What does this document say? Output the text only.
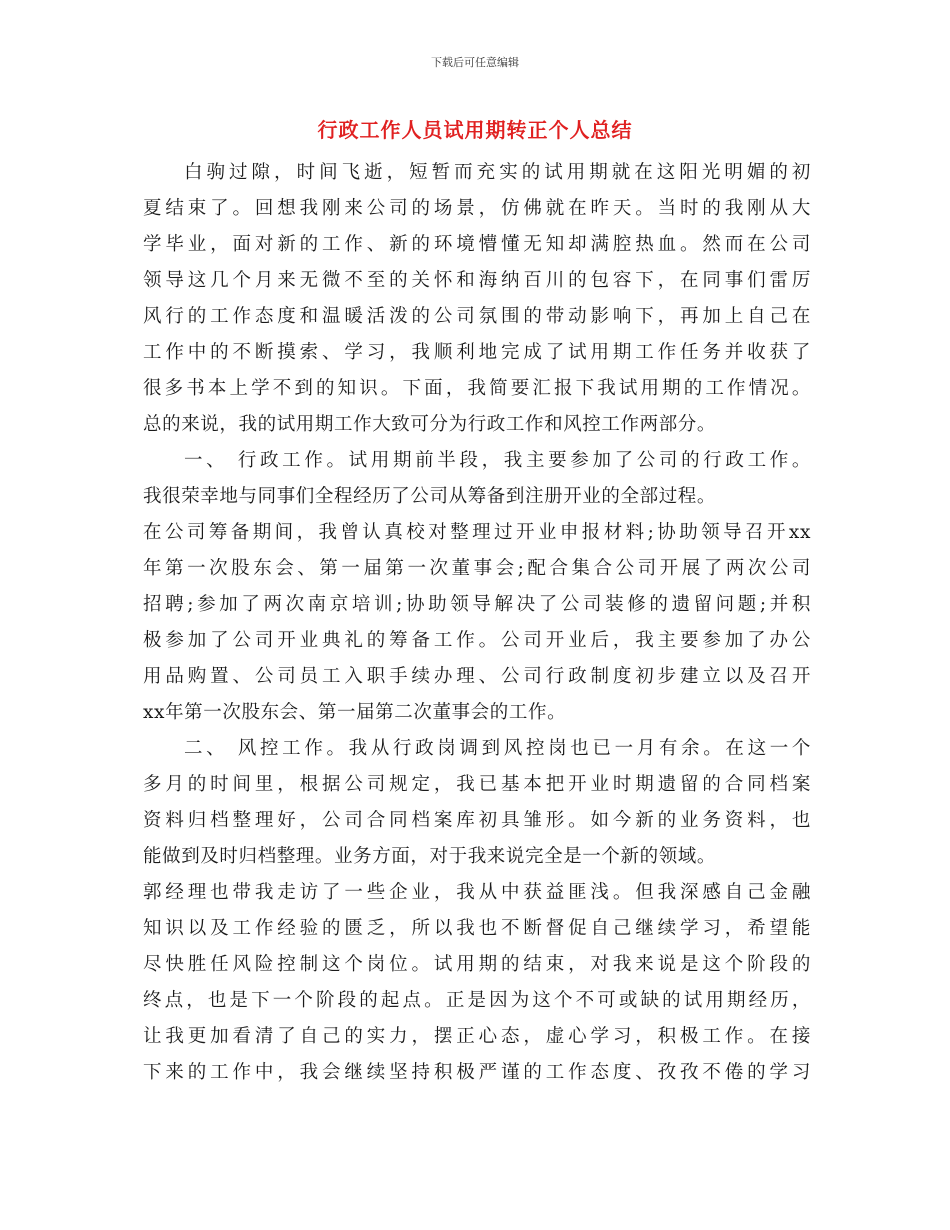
下载后可任意编辑
行政工作人员试用期转正个人总结
白驹过隙，时间飞逝，短暂而充实的试用期就在这阳光明媚的初
夏结束了。回想我刚来公司的场景，仿佛就在昨天。当时的我刚从大
学毕业，面对新的工作、新的环境懵懂无知却满腔热血。然而在公司
领导这几个月来无微不至的关怀和海纳百川的包容下，在同事们雷厉
风行的工作态度和温暖活泼的公司氛围的带动影响下，再加上自己在
工作中的不断摸索、学习，我顺利地完成了试用期工作任务并收获了
很多书本上学不到的知识。下面，我简要汇报下我试用期的工作情况。
总的来说，我的试用期工作大致可分为行政工作和风控工作两部分。
一、 行政工作。试用期前半段，我主要参加了公司的行政工作。
我很荣幸地与同事们全程经历了公司从筹备到注册开业的全部过程。
在公司筹备期间，我曾认真校对整理过开业申报材料;协助领导召开xx
年第一次股东会、第一届第一次董事会;配合集合公司开展了两次公司
招聘;参加了两次南京培训;协助领导解决了公司装修的遗留问题;并积
极参加了公司开业典礼的筹备工作。公司开业后，我主要参加了办公
用品购置、公司员工入职手续办理、公司行政制度初步建立以及召开
xx年第一次股东会、第一届第二次董事会的工作。
二、 风控工作。我从行政岗调到风控岗也已一月有余。在这一个
多月的时间里，根据公司规定，我已基本把开业时期遗留的合同档案
资料归档整理好，公司合同档案库初具雏形。如今新的业务资料，也
能做到及时归档整理。业务方面，对于我来说完全是一个新的领域。
郭经理也带我走访了一些企业，我从中获益匪浅。但我深感自己金融
知识以及工作经验的匮乏，所以我也不断督促自己继续学习，希望能
尽快胜任风险控制这个岗位。试用期的结束，对我来说是这个阶段的
终点，也是下一个阶段的起点。正是因为这个不可或缺的试用期经历，
让我更加看清了自己的实力，摆正心态，虚心学习，积极工作。在接
下来的工作中，我会继续坚持积极严谨的工作态度、孜孜不倦的学习
